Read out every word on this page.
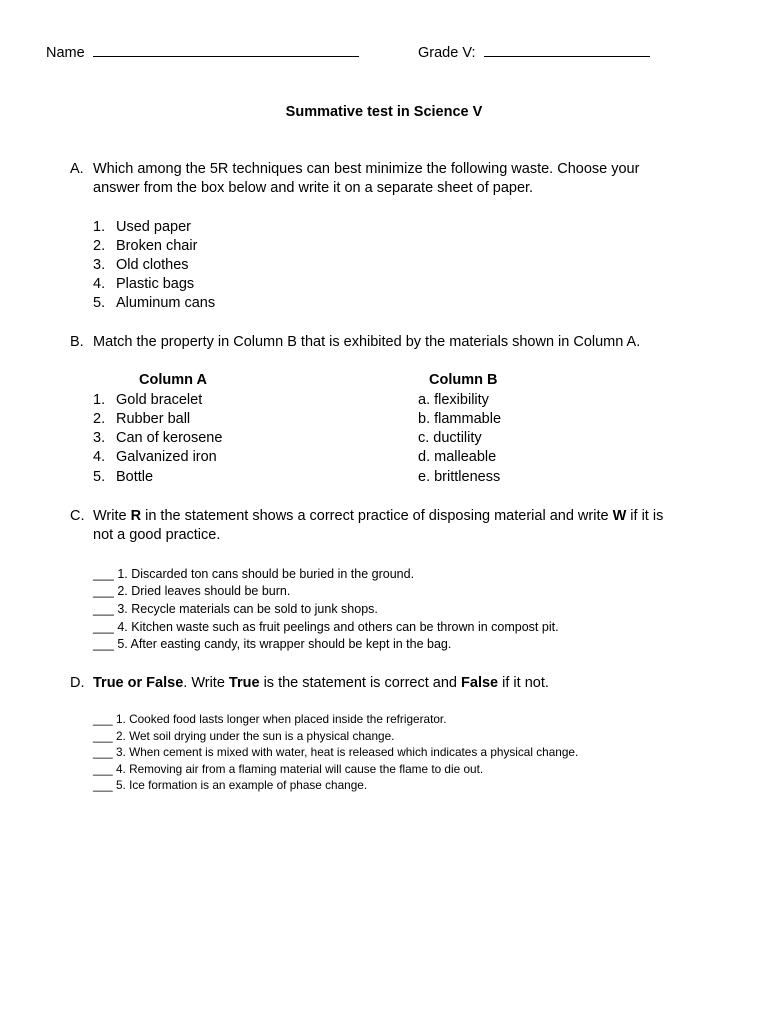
Name	Grade V:
Summative test in Science V
A. Which among the 5R techniques can best minimize the following waste. Choose your
answer from the box below and write it on a separate sheet of paper.
1. Used paper
2. Broken chair
3. Old clothes
4. Plastic bags
5. Aluminum cans
B. Match the property in Column B that is exhibited by the materials shown in Column A.
Column A	Column B
1. Gold bracelet
2. Rubber ball
3. Can of kerosene
4. Galvanized iron
5. Bottle
a. flexibility
b. flammable
c. ductility
d. malleable
e. brittleness
C. Write R in the statement shows a correct practice of disposing material and write W if it is
not a good practice.
___ 1. Discarded ton cans should be buried in the ground.
___ 2. Dried leaves should be burn.
___ 3. Recycle materials can be sold to junk shops.
___ 4. Kitchen waste such as fruit peelings and others can be thrown in compost pit.
___ 5. After easting candy, its wrapper should be kept in the bag.
D. True or False. Write True is the statement is correct and False if it not.
___ 1. Cooked food lasts longer when placed inside the refrigerator.
___ 2. Wet soil drying under the sun is a physical change.
___ 3. When cement is mixed with water, heat is released which indicates a physical change.
___ 4. Removing air from a flaming material will cause the flame to die out.
___ 5. Ice formation is an example of phase change.
